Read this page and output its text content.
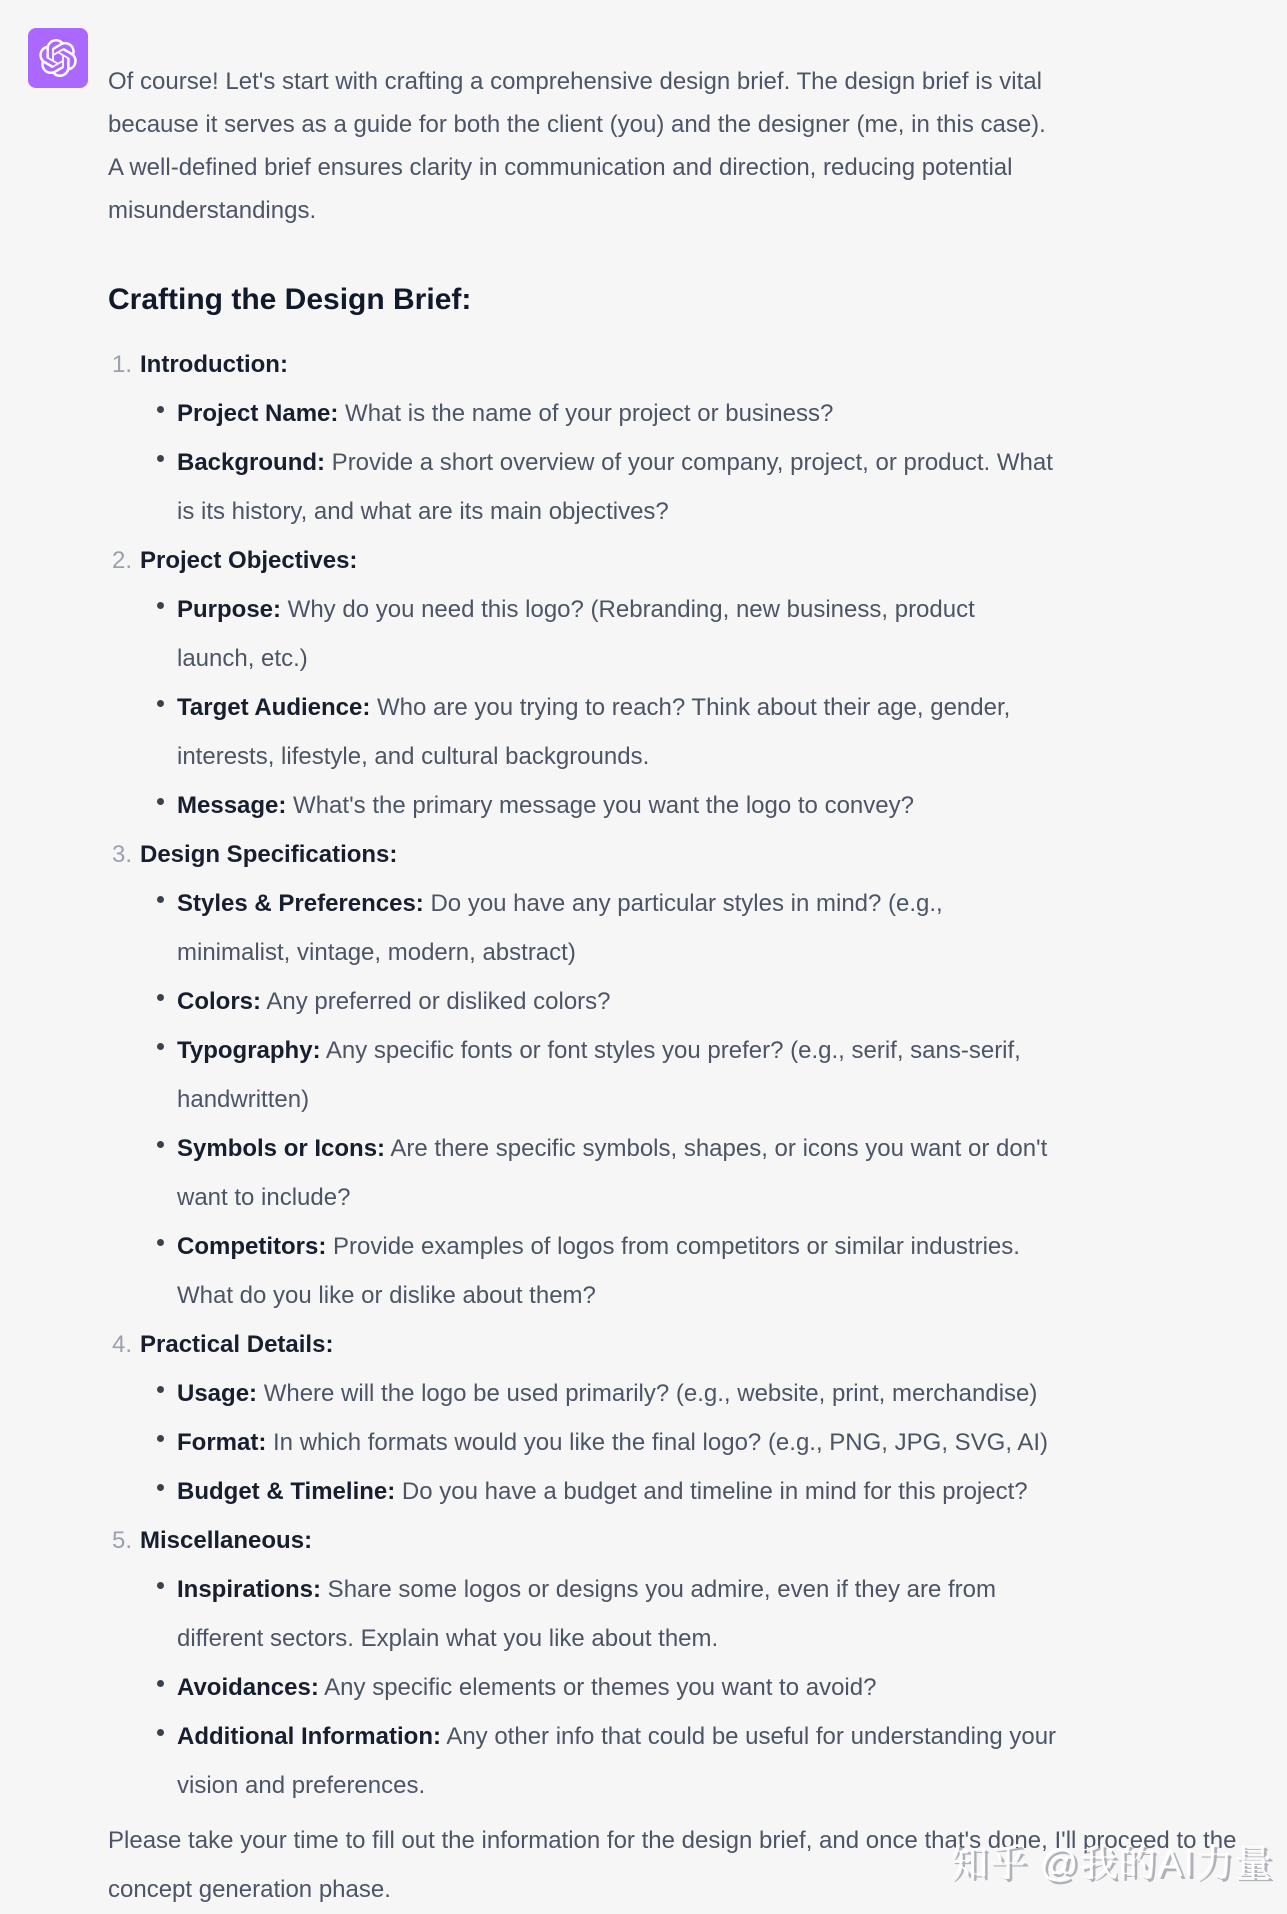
Of course! Let's start with crafting a comprehensive design brief. The design brief is vital because it serves as a guide for both the client (you) and the designer (me, in this case). A well-defined brief ensures clarity in communication and direction, reducing potential misunderstandings.

Crafting the Design Brief:
1. Introduction:
Project Name: What is the name of your project or business?
Background: Provide a short overview of your company, project, or product. What is its history, and what are its main objectives?
2. Project Objectives:
Purpose: Why do you need this logo? (Rebranding, new business, product launch, etc.)
Target Audience: Who are you trying to reach? Think about their age, gender, interests, lifestyle, and cultural backgrounds.
Message: What's the primary message you want the logo to convey?
3. Design Specifications:
Styles & Preferences: Do you have any particular styles in mind? (e.g., minimalist, vintage, modern, abstract)
Colors: Any preferred or disliked colors?
Typography: Any specific fonts or font styles you prefer? (e.g., serif, sans-serif, handwritten)
Symbols or Icons: Are there specific symbols, shapes, or icons you want or don't want to include?
Competitors: Provide examples of logos from competitors or similar industries. What do you like or dislike about them?
4. Practical Details:
Usage: Where will the logo be used primarily? (e.g., website, print, merchandise)
Format: In which formats would you like the final logo? (e.g., PNG, JPG, SVG, AI)
Budget & Timeline: Do you have a budget and timeline in mind for this project?
5. Miscellaneous:
Inspirations: Share some logos or designs you admire, even if they are from different sectors. Explain what you like about them.
Avoidances: Any specific elements or themes you want to avoid?
Additional Information: Any other info that could be useful for understanding your vision and preferences.

Please take your time to fill out the information for the design brief, and once that's done, I'll proceed to the concept generation phase.

知乎 @我的AI力量
